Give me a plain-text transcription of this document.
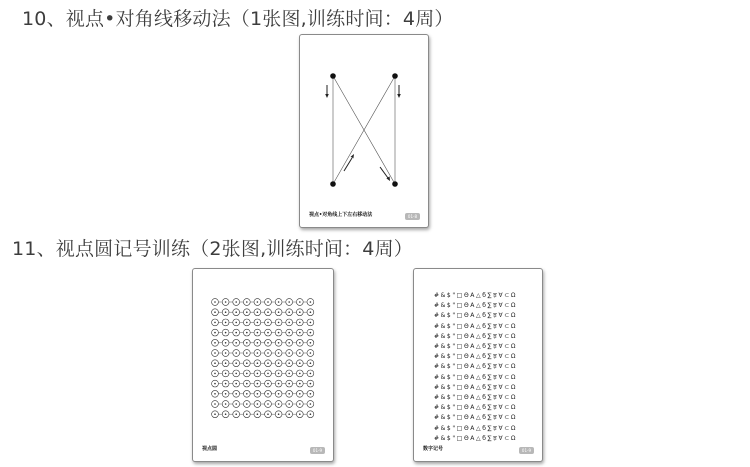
10、视点•对角线移动法（1张图,训练时间：4周）
视点•对角线上下左右移动法	01-8
11、视点圆记号训练（2张图,训练时间：4周）
视点圆	01-9
#&$"□ΘA△б∑ਝ∀⊂Ω
#&$"□ΘA△б∑ਝ∀⊂Ω
#&$"□ΘA△б∑ਝ∀⊂Ω
#&$"□ΘA△б∑ਝ∀⊂Ω
#&$"□ΘA△б∑ਝ∀⊂Ω
#&$"□ΘA△б∑ਝ∀⊂Ω
#&$"□ΘA△б∑ਝ∀⊂Ω
#&$"□ΘA△б∑ਝ∀⊂Ω
#&$"□ΘA△б∑ਝ∀⊂Ω
#&$"□ΘA△б∑ਝ∀⊂Ω
#&$"□ΘA△б∑ਝ∀⊂Ω
#&$"□ΘA△б∑ਝ∀⊂Ω
#&$"□ΘA△б∑ਝ∀⊂Ω
#&$"□ΘA△б∑ਝ∀⊂Ω
#&$"□ΘA△б∑ਝ∀⊂Ω
数字记号	01-9
